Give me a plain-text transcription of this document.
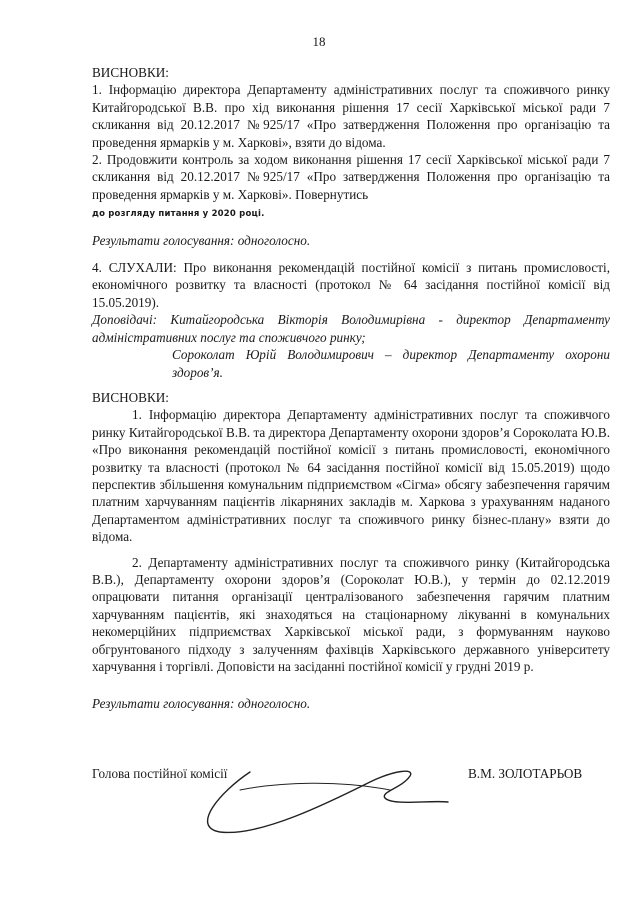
18

ВИСНОВКИ:

1. Інформацію директора Департаменту адміністративних послуг та споживчого ринку Китайгородської В.В. про хід виконання рішення 17 сесії Харківської міської ради 7 скликання від 20.12.2017 №925/17 «Про затвердження Положення про організацію та проведення ярмарків у м. Харкові», взяти до відома.

2. Продовжити контроль за ходом виконання рішення 17 сесії Харківської міської ради 7 скликання від 20.12.2017 №925/17 «Про затвердження Положення про організацію та проведення ярмарків у м. Харкові». Повернутись
до розгляду питання у 2020 році.

Результати голосування: одноголосно.

4. СЛУХАЛИ: Про виконання рекомендацій постійної комісії з питань промисловості, економічного розвитку та власності (протокол № 64 засідання постійної комісії від 15.05.2019).

Доповідачі: Китайгородська Вікторія Володимирівна - директор Департаменту адміністративних послуг та споживчого ринку;

Сороколат Юрій Володимирович – директор Департаменту охорони здоров’я.

ВИСНОВКИ:

1. Інформацію директора Департаменту адміністративних послуг та споживчого ринку Китайгородської В.В. та директора Департаменту охорони здоров’я Сороколата Ю.В. «Про виконання рекомендацій постійної комісії з питань промисловості, економічного розвитку та власності (протокол № 64 засідання постійної комісії від 15.05.2019) щодо перспектив збільшення комунальним підприємством «Сігма» обсягу забезпечення гарячим платним харчуванням пацієнтів лікарняних закладів м. Харкова з урахуванням наданого Департаментом адміністративних послуг та споживчого ринку бізнес-плану» взяти до відома.

2. Департаменту адміністративних послуг та споживчого ринку (Китайгородська В.В.), Департаменту охорони здоров’я (Сороколат Ю.В.), у термін до 02.12.2019 опрацювати питання організації централізованого забезпечення гарячим платним харчуванням пацієнтів, які знаходяться на стаціонарному лікуванні в комунальних некомерційних підприємствах Харківської міської ради, з формуванням науково обгрунтованого підходу з залученням фахівців Харківського державного університету харчування і торгівлі. Доповісти на засіданні постійної комісії у грудні 2019 р.

Результати голосування: одноголосно.

Голова постійної комісії	В.М. ЗОЛОТАРЬОВ
